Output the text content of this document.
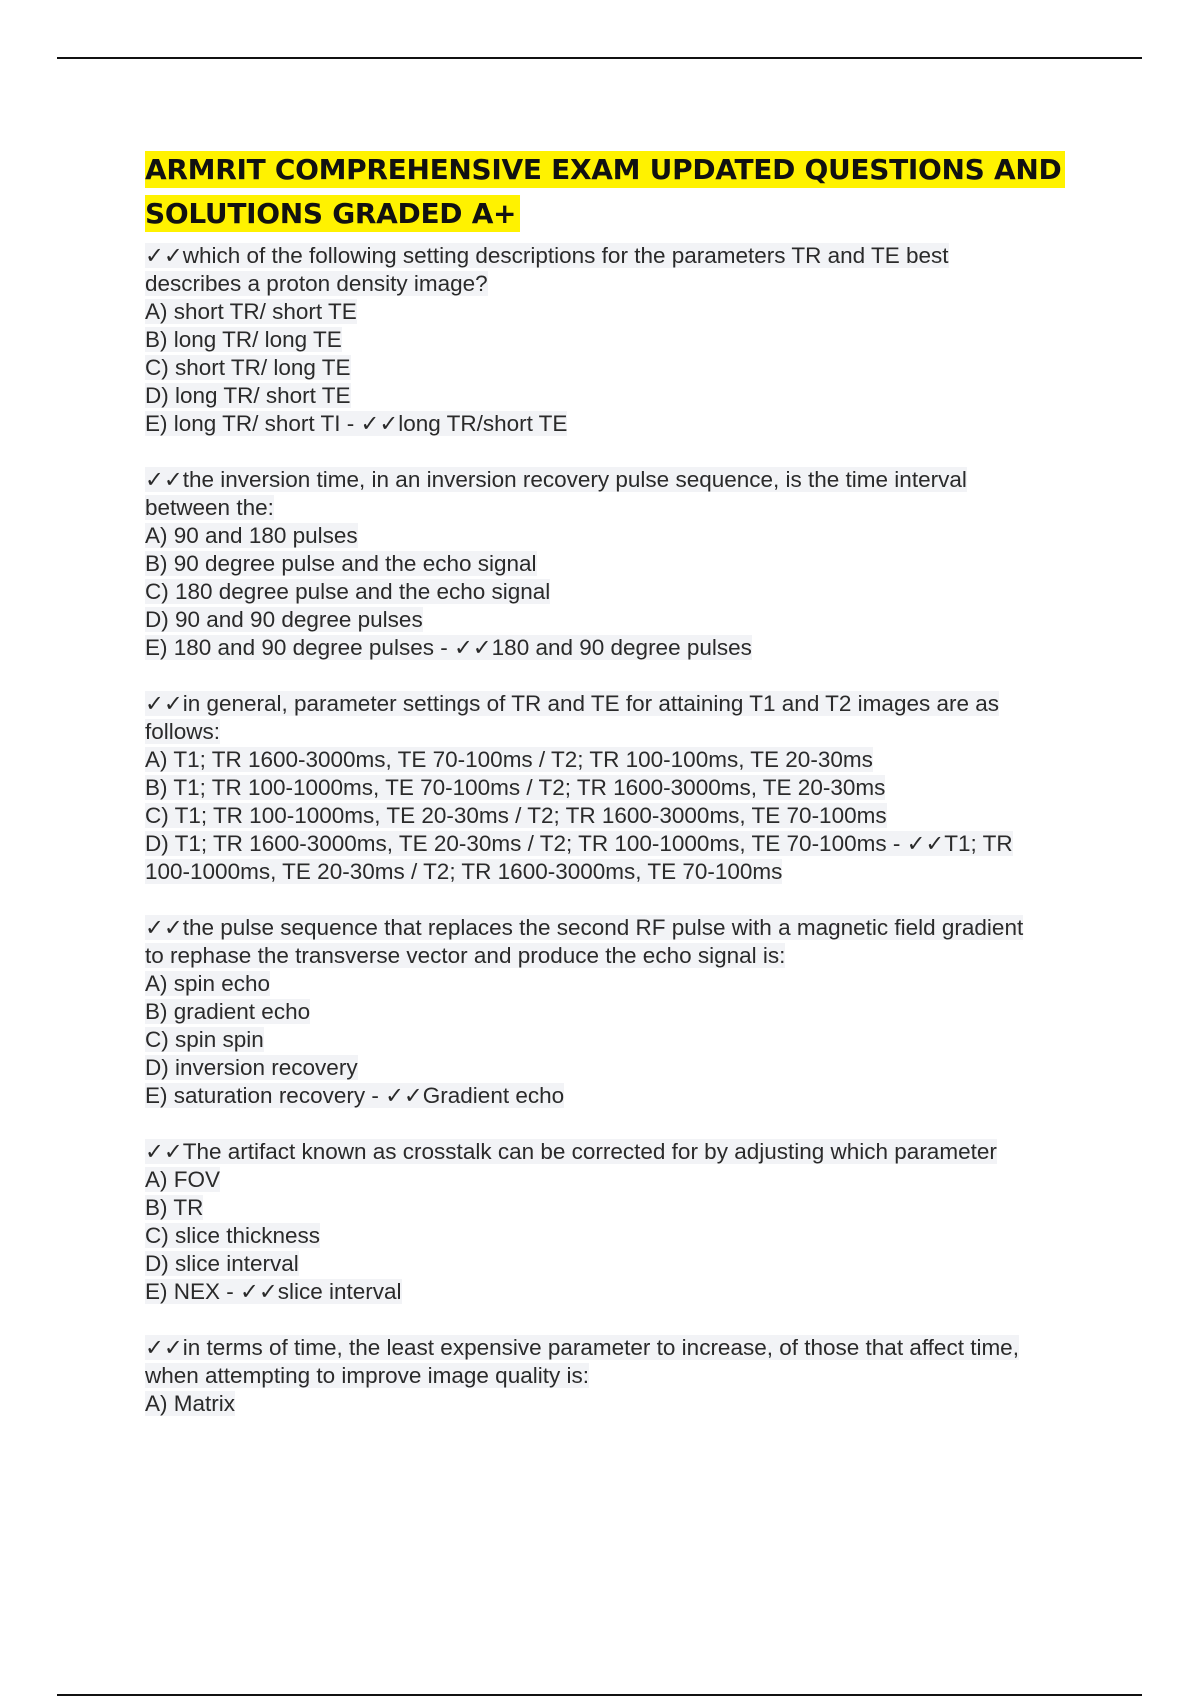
ARMRIT COMPREHENSIVE EXAM UPDATED QUESTIONS AND SOLUTIONS GRADED A+
✓✓which of the following setting descriptions for the parameters TR and TE best
describes a proton density image?
A) short TR/ short TE
B) long TR/ long TE
C) short TR/ long TE
D) long TR/ short TE
E) long TR/ short TI - ✓✓long TR/short TE
✓✓the inversion time, in an inversion recovery pulse sequence, is the time interval
between the:
A) 90 and 180 pulses
B) 90 degree pulse and the echo signal
C) 180 degree pulse and the echo signal
D) 90 and 90 degree pulses
E) 180 and 90 degree pulses - ✓✓180 and 90 degree pulses
✓✓in general, parameter settings of TR and TE for attaining T1 and T2 images are as
follows:
A) T1; TR 1600-3000ms, TE 70-100ms / T2; TR 100-100ms, TE 20-30ms
B) T1; TR 100-1000ms, TE 70-100ms / T2; TR 1600-3000ms, TE 20-30ms
C) T1; TR 100-1000ms, TE 20-30ms / T2; TR 1600-3000ms, TE 70-100ms
D) T1; TR 1600-3000ms, TE 20-30ms / T2; TR 100-1000ms, TE 70-100ms - ✓✓T1; TR
100-1000ms, TE 20-30ms / T2; TR 1600-3000ms, TE 70-100ms
✓✓the pulse sequence that replaces the second RF pulse with a magnetic field gradient
to rephase the transverse vector and produce the echo signal is:
A) spin echo
B) gradient echo
C) spin spin
D) inversion recovery
E) saturation recovery - ✓✓Gradient echo
✓✓The artifact known as crosstalk can be corrected for by adjusting which parameter
A) FOV
B) TR
C) slice thickness
D) slice interval
E) NEX - ✓✓slice interval
✓✓in terms of time, the least expensive parameter to increase, of those that affect time,
when attempting to improve image quality is:
A) Matrix
